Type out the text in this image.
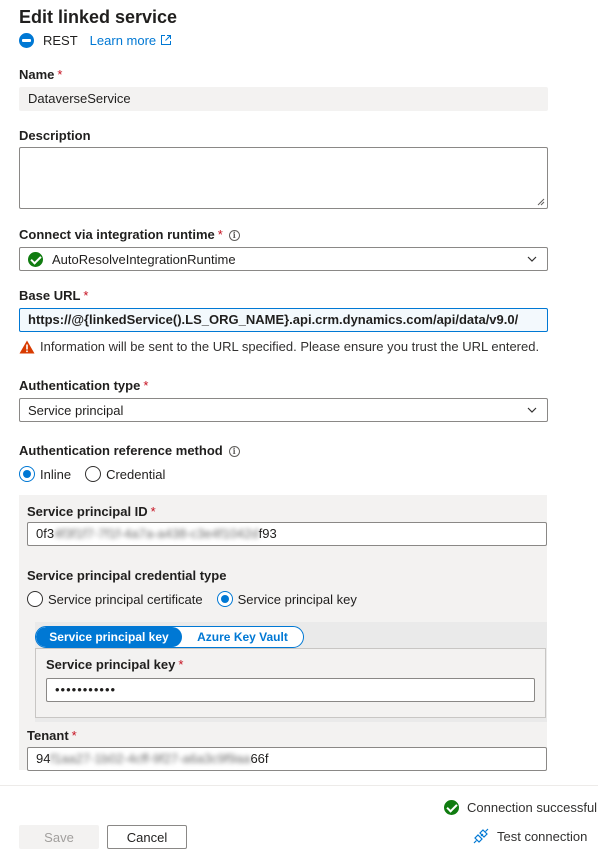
Edit linked service
REST Learn more
Name *
DataverseService
Description
Connect via integration runtime * i
AutoResolveIntegrationRuntime
Base URL *
https://@{linkedService().LS_ORG_NAME}.api.crm.dynamics.com/api/data/v9.0/
Information will be sent to the URL specified. Please ensure you trust the URL entered.
Authentication type *
Service principal
Authentication reference method i
Inline	Credential
Service principal ID *
0f34f3f1f7-7f1f-4a7a-a438-c3e4f1042df93
Service principal credential type
Service principal certificate	Service principal key
Service principal key	Azure Key Vault
Service principal key *
•••••••••••
Tenant *
94f1aa27-1b02-4cff-9f27-a6a3c9f9aa66f
Connection successful
Save	Cancel	Test connection
